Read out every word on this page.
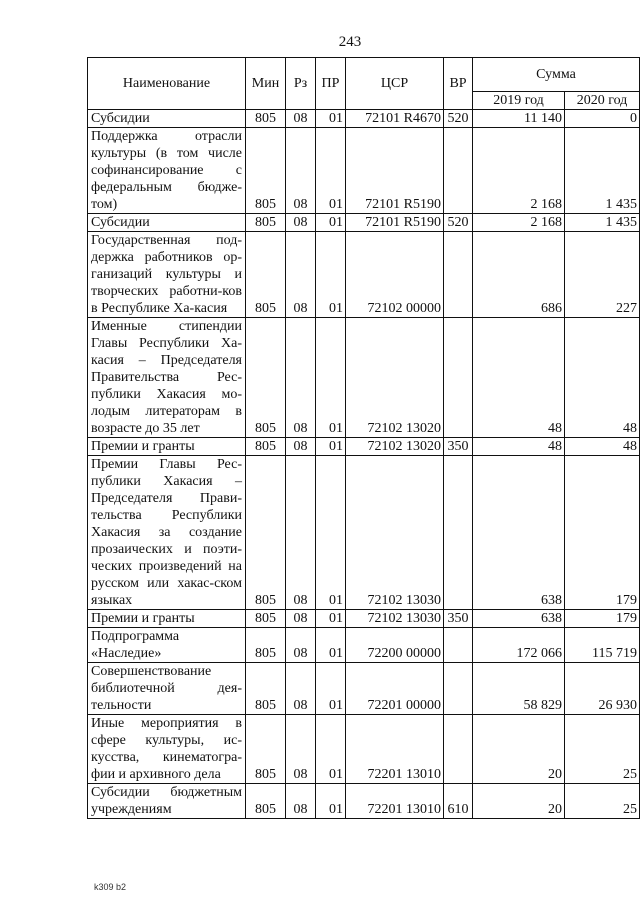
243
Наименование	Мин	Рз	ПР	ЦСР	ВР	Сумма	
						2019 год	2020 год
Субсидии	805	08	01	72101 R4670	520	11 140	0
Поддержка отрасли культуры (в том числе софинансирование с федеральным бюдже-том)	805	08	01	72101 R5190		2 168	1 435
Субсидии	805	08	01	72101 R5190	520	2 168	1 435
Государственная под-держка работников ор-ганизаций культуры и творческих работни-ков в Республике Ха-касия	805	08	01	72102 00000		686	227
Именные стипендии Главы Республики Ха-касия – Председателя Правительства Рес-публики Хакасия мо-лодым литераторам в возрасте до 35 лет	805	08	01	72102 13020		48	48
Премии и гранты	805	08	01	72102 13020	350	48	48
Премии Главы Рес-публики Хакасия – Председателя Прави-тельства Республики Хакасия за создание прозаических и поэти-ческих произведений на русском или хакас-ском языках	805	08	01	72102 13030		638	179
Премии и гранты	805	08	01	72102 13030	350	638	179
Подпрограмма «Наследие»	805	08	01	72200 00000		172 066	115 719
Совершенствование библиотечной дея-тельности	805	08	01	72201 00000		58 829	26 930
Иные мероприятия в сфере культуры, ис-кусства, кинематогра-фии и архивного дела	805	08	01	72201 13010		20	25
Субсидии бюджетным учреждениям	805	08	01	72201 13010	610	20	25
k309 b2
